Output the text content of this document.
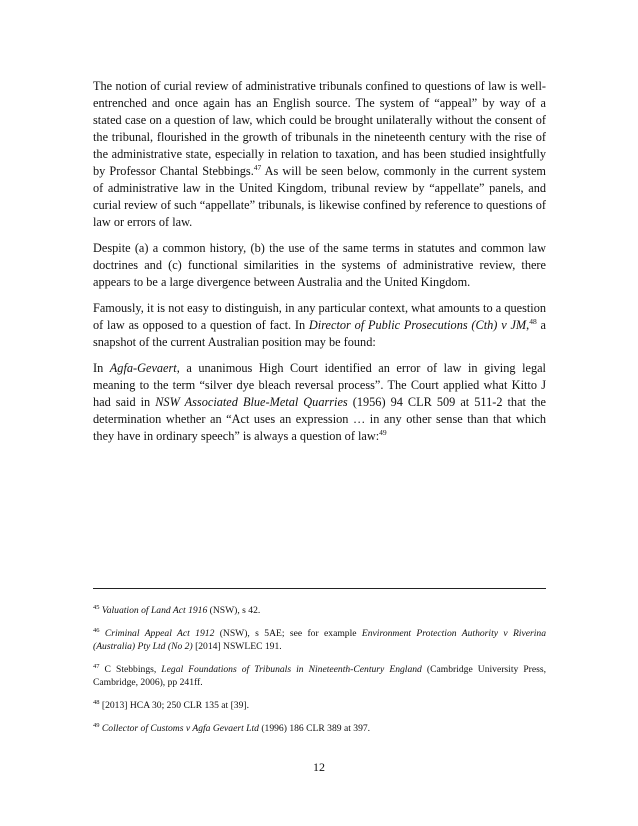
The notion of curial review of administrative tribunals confined to questions of law is well-entrenched and once again has an English source. The system of “appeal” by way of a stated case on a question of law, which could be brought unilaterally without the consent of the tribunal, flourished in the growth of tribunals in the nineteenth century with the rise of the administrative state, especially in relation to taxation, and has been studied insightfully by Professor Chantal Stebbings.$^{47}$ As will be seen below, commonly in the current system of administrative law in the United Kingdom, tribunal review by “appellate” panels, and curial review of such “appellate” tribunals, is likewise confined by reference to questions of law or errors of law.

Despite (a) a common history, (b) the use of the same terms in statutes and common law doctrines and (c) functional similarities in the systems of administrative review, there appears to be a large divergence between Australia and the United Kingdom.

Famously, it is not easy to distinguish, in any particular context, what amounts to a question of law as opposed to a question of fact. In Director of Public Prosecutions (Cth) v JM,$^{48}$ a snapshot of the current Australian position may be found:

In Agfa-Gevaert, a unanimous High Court identified an error of law in giving legal meaning to the term “silver dye bleach reversal process”. The Court applied what Kitto J had said in NSW Associated Blue-Metal Quarries (1956) 94 CLR 509 at 511-2 that the determination whether an “Act uses an expression … in any other sense than that which they have in ordinary speech” is always a question of law:$^{49}$

$^{45}$ Valuation of Land Act 1916 (NSW), s 42.

$^{46}$ Criminal Appeal Act 1912 (NSW), s 5AE; see for example Environment Protection Authority v Riverina (Australia) Pty Ltd (No 2) [2014] NSWLEC 191.

$^{47}$ C Stebbings, Legal Foundations of Tribunals in Nineteenth-Century England (Cambridge University Press, Cambridge, 2006), pp 241ff.

$^{48}$ [2013] HCA 30; 250 CLR 135 at [39].

$^{49}$ Collector of Customs v Agfa Gevaert Ltd (1996) 186 CLR 389 at 397.

12
